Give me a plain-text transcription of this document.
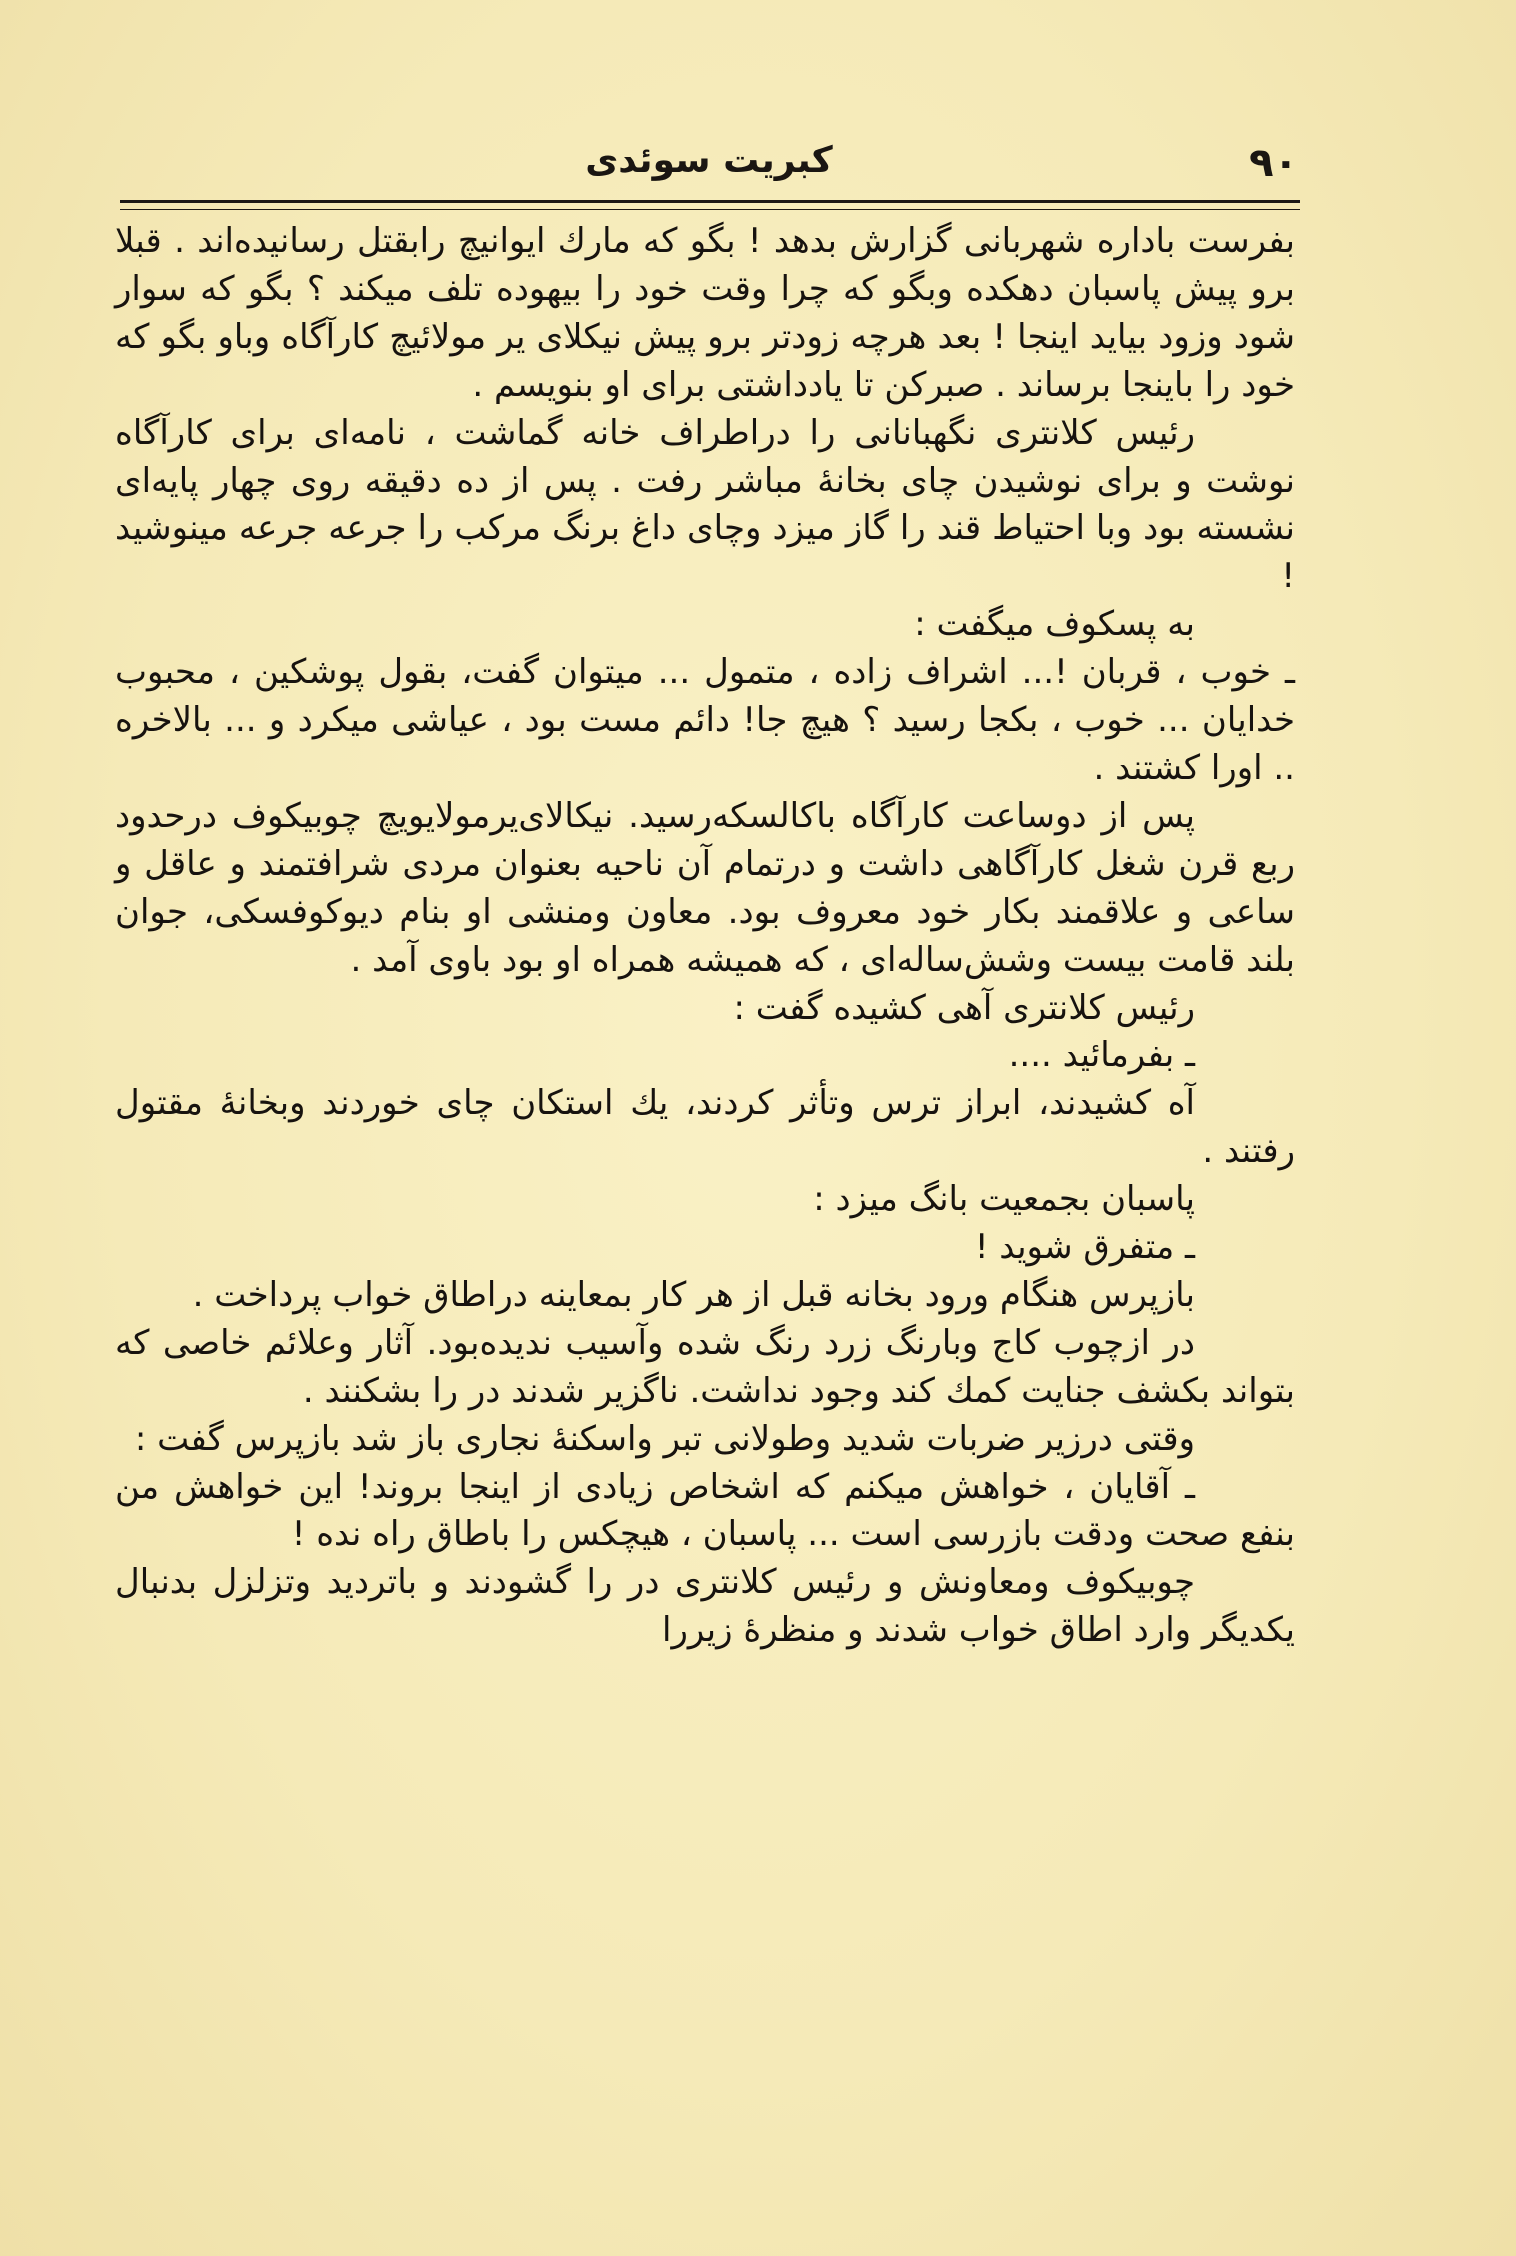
۹۰
کبریت سوئدی

بفرست باداره شهربانی گزارش بدهد ! بگو که مارك ایوانیچ رابقتل رسانیده‌اند . قبلا برو پیش پاسبان دهکده وبگو که چرا وقت خود را بیهوده تلف میکند ؟ بگو که سوار شود وزود بیاید اینجا ! بعد هرچه زودتر برو پیش نیکلای یر مولائیچ کارآگاه وباو بگو که خود را باینجا برساند . صبرکن تا یادداشتی برای او بنویسم .

رئیس کلانتری نگهبانانی را دراطراف خانه گماشت ، نامه‌ای برای کارآگاه نوشت و برای نوشیدن چای بخانهٔ مباشر رفت . پس از ده دقیقه روی چهار پایه‌ای نشسته بود وبا احتیاط قند را گاز میزد وچای داغ برنگ مرکب را جرعه جرعه مینوشید !

به پسکوف میگفت :

ـ خوب ، قربان !... اشراف زاده ، متمول ... میتوان گفت، بقول پوشکین ، محبوب خدایان ... خوب ، بکجا رسید ؟ هیچ جا! دائم مست بود ، عیاشی میکرد و ... بالاخره .. اورا کشتند .

پس از دوساعت کارآگاه باکالسکه‌رسید. نیکالای‌یرمولایویچ چوبیکوف درحدود ربع قرن شغل کارآگاهی داشت و درتمام آن ناحیه بعنوان مردی شرافتمند و عاقل و ساعی و علاقمند بکار خود معروف بود. معاون ومنشی او بنام دیوکوفسکی، جوان بلند قامت بیست وشش‌ساله‌ای ، که همیشه همراه او بود باوی آمد .

رئیس کلانتری آهی کشیده گفت :

ـ بفرمائید ....

آه کشیدند، ابراز ترس وتأثر کردند، یك استکان چای خوردند وبخانهٔ مقتول رفتند .

پاسبان بجمعیت بانگ میزد :

ـ متفرق شوید !

بازپرس هنگام ورود بخانه قبل از هر کار بمعاینه دراطاق خواب پرداخت .

در ازچوب کاج وبارنگ زرد رنگ شده وآسیب ندیده‌بود. آثار وعلائم خاصی که بتواند بکشف جنایت کمك کند وجود نداشت. ناگزیر شدند در را بشکنند .

وقتی درزیر ضربات شدید وطولانی تبر واسکنهٔ نجاری باز شد بازپرس گفت :

ـ آقایان ، خواهش میکنم که اشخاص زیادی از اینجا بروند! این خواهش من بنفع صحت ودقت بازرسی است ... پاسبان ، هیچکس را باطاق راه نده !

چوبیکوف ومعاونش و رئیس کلانتری در را گشودند و باتردید وتزلزل بدنبال یکدیگر وارد اطاق خواب شدند و منظرهٔ زیررا
